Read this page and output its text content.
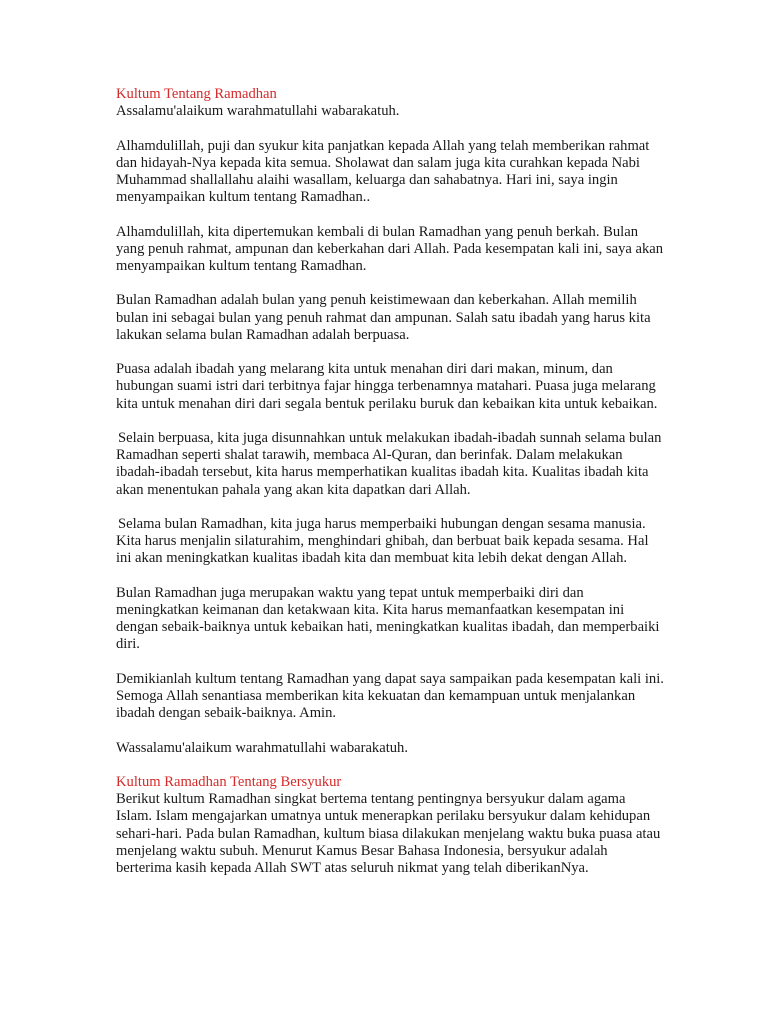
Kultum Tentang Ramadhan

Assalamu'alaikum warahmatullahi wabarakatuh.

Alhamdulillah, puji dan syukur kita panjatkan kepada Allah yang telah memberikan rahmat dan hidayah-Nya kepada kita semua. Sholawat dan salam juga kita curahkan kepada Nabi Muhammad shallallahu alaihi wasallam, keluarga dan sahabatnya. Hari ini, saya ingin menyampaikan kultum tentang Ramadhan..

Alhamdulillah, kita dipertemukan kembali di bulan Ramadhan yang penuh berkah. Bulan yang penuh rahmat, ampunan dan keberkahan dari Allah. Pada kesempatan kali ini, saya akan menyampaikan kultum tentang Ramadhan.

Bulan Ramadhan adalah bulan yang penuh keistimewaan dan keberkahan. Allah memilih bulan ini sebagai bulan yang penuh rahmat dan ampunan. Salah satu ibadah yang harus kita lakukan selama bulan Ramadhan adalah berpuasa.

Puasa adalah ibadah yang melarang kita untuk menahan diri dari makan, minum, dan hubungan suami istri dari terbitnya fajar hingga terbenamnya matahari. Puasa juga melarang kita untuk menahan diri dari segala bentuk perilaku buruk dan kebaikan kita untuk kebaikan.

Selain berpuasa, kita juga disunnahkan untuk melakukan ibadah-ibadah sunnah selama bulan Ramadhan seperti shalat tarawih, membaca Al-Quran, dan berinfak. Dalam melakukan ibadah-ibadah tersebut, kita harus memperhatikan kualitas ibadah kita. Kualitas ibadah kita akan menentukan pahala yang akan kita dapatkan dari Allah.

Selama bulan Ramadhan, kita juga harus memperbaiki hubungan dengan sesama manusia. Kita harus menjalin silaturahim, menghindari ghibah, dan berbuat baik kepada sesama. Hal ini akan meningkatkan kualitas ibadah kita dan membuat kita lebih dekat dengan Allah.

Bulan Ramadhan juga merupakan waktu yang tepat untuk memperbaiki diri dan meningkatkan keimanan dan ketakwaan kita. Kita harus memanfaatkan kesempatan ini dengan sebaik-baiknya untuk kebaikan hati, meningkatkan kualitas ibadah, dan memperbaiki diri.

Demikianlah kultum tentang Ramadhan yang dapat saya sampaikan pada kesempatan kali ini. Semoga Allah senantiasa memberikan kita kekuatan dan kemampuan untuk menjalankan ibadah dengan sebaik-baiknya. Amin.

Wassalamu'alaikum warahmatullahi wabarakatuh.

Kultum Ramadhan Tentang Bersyukur

Berikut kultum Ramadhan singkat bertema tentang pentingnya bersyukur dalam agama Islam. Islam mengajarkan umatnya untuk menerapkan perilaku bersyukur dalam kehidupan sehari-hari. Pada bulan Ramadhan, kultum biasa dilakukan menjelang waktu buka puasa atau menjelang waktu subuh. Menurut Kamus Besar Bahasa Indonesia, bersyukur adalah berterima kasih kepada Allah SWT atas seluruh nikmat yang telah diberikanNya.
